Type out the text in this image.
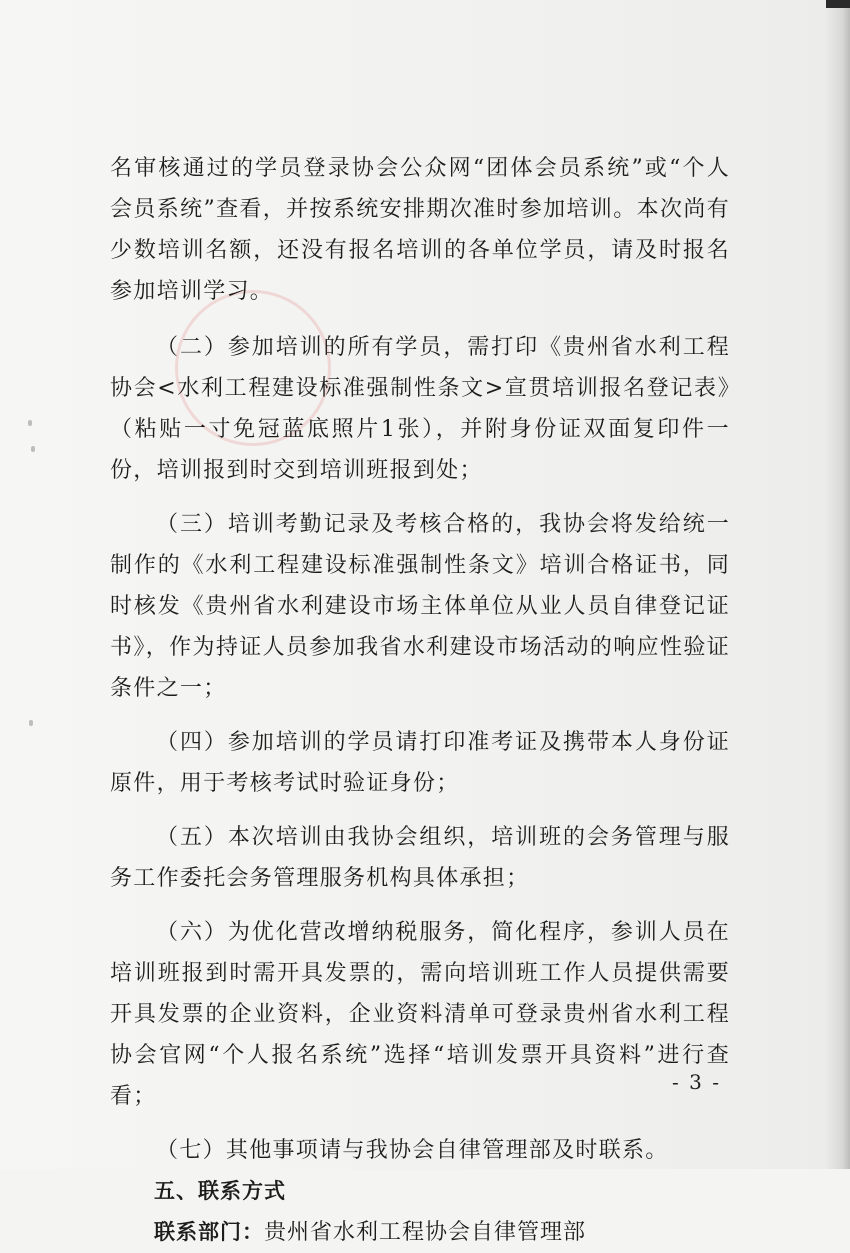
名审核通过的学员登录协会公众网“团体会员系统”或“个人会员系统”查看，并按系统安排期次准时参加培训。本次尚有少数培训名额，还没有报名培训的各单位学员，请及时报名参加培训学习。

（二）参加培训的所有学员，需打印《贵州省水利工程协会<水利工程建设标准强制性条文>宣贯培训报名登记表》（粘贴一寸免冠蓝底照片1张），并附身份证双面复印件一份，培训报到时交到培训班报到处；

（三）培训考勤记录及考核合格的，我协会将发给统一制作的《水利工程建设标准强制性条文》培训合格证书，同时核发《贵州省水利建设市场主体单位从业人员自律登记证书》，作为持证人员参加我省水利建设市场活动的响应性验证条件之一；

（四）参加培训的学员请打印准考证及携带本人身份证原件，用于考核考试时验证身份；

（五）本次培训由我协会组织，培训班的会务管理与服务工作委托会务管理服务机构具体承担；

（六）为优化营改增纳税服务，简化程序，参训人员在培训班报到时需开具发票的，需向培训班工作人员提供需要开具发票的企业资料，企业资料清单可登录贵州省水利工程协会官网“个人报名系统”选择“培训发票开具资料”进行查看；

（七）其他事项请与我协会自律管理部及时联系。

五、联系方式

联系部门：贵州省水利工程协会自律管理部

- 3 -
